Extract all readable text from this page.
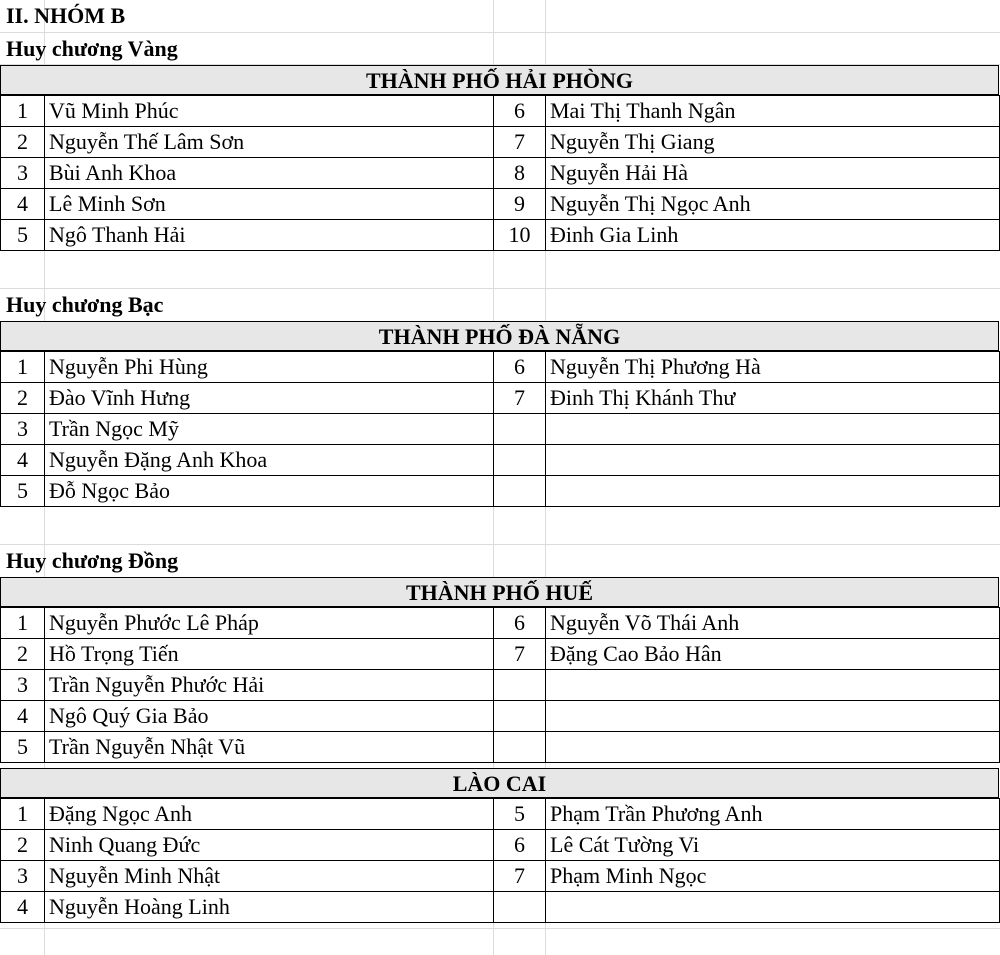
II. NHÓM B
Huy chương Vàng
THÀNH PHỐ HẢI PHÒNG
1	Vũ Minh Phúc	6	Mai Thị Thanh Ngân
2	Nguyễn Thế Lâm Sơn	7	Nguyễn Thị Giang
3	Bùi Anh Khoa	8	Nguyễn Hải Hà
4	Lê Minh Sơn	9	Nguyễn Thị Ngọc Anh
5	Ngô Thanh Hải	10	Đinh Gia Linh
Huy chương Bạc
THÀNH PHỐ ĐÀ NẴNG
1	Nguyễn Phi Hùng	6	Nguyễn Thị Phương Hà
2	Đào Vĩnh Hưng	7	Đinh Thị Khánh Thư
3	Trần Ngọc Mỹ		
4	Nguyễn Đặng Anh Khoa		
5	Đỗ Ngọc Bảo		
Huy chương Đồng
THÀNH PHỐ HUẾ
1	Nguyễn Phước Lê Pháp	6	Nguyễn Võ Thái Anh
2	Hồ Trọng Tiến	7	Đặng Cao Bảo Hân
3	Trần Nguyễn Phước Hải		
4	Ngô Quý Gia Bảo		
5	Trần Nguyễn Nhật Vũ		
LÀO CAI
1	Đặng Ngọc Anh	5	Phạm Trần Phương Anh
2	Ninh Quang Đức	6	Lê Cát Tường Vi
3	Nguyễn Minh Nhật	7	Phạm Minh Ngọc
4	Nguyễn Hoàng Linh		
